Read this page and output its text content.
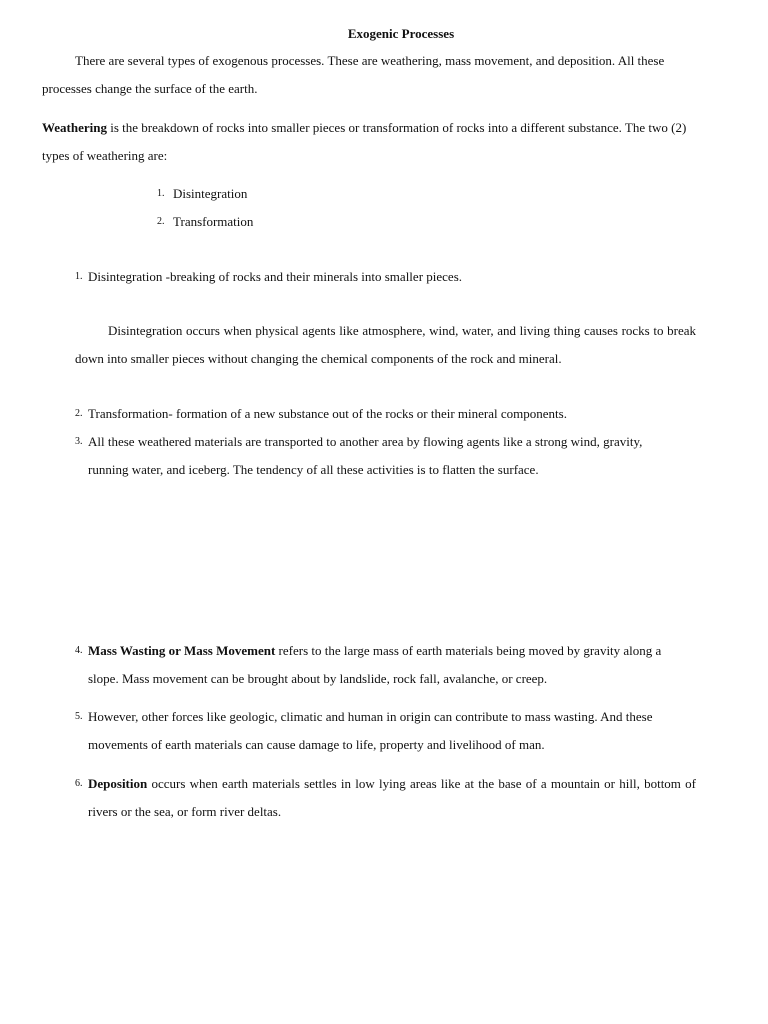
Exogenic Processes

There are several types of exogenous processes. These are weathering, mass movement, and deposition. All these processes change the surface of the earth.

Weathering is the breakdown of rocks into smaller pieces or transformation of rocks into a different substance. The two (2) types of weathering are:

1. Disintegration
2. Transformation
1. Disintegration -breaking of rocks and their minerals into smaller pieces.

Disintegration occurs when physical agents like atmosphere, wind, water, and living thing causes rocks to break down into smaller pieces without changing the chemical components of the rock and mineral.

2. Transformation- formation of a new substance out of the rocks or their mineral components.
3. All these weathered materials are transported to another area by flowing agents like a strong wind, gravity, running water, and iceberg. The tendency of all these activities is to flatten the surface.

4. Mass Wasting or Mass Movement refers to the large mass of earth materials being moved by gravity along a slope. Mass movement can be brought about by landslide, rock fall, avalanche, or creep.

5. However, other forces like geologic, climatic and human in origin can contribute to mass wasting. And these movements of earth materials can cause damage to life, property and livelihood of man.

6. Deposition occurs when earth materials settles in low lying areas like at the base of a mountain or hill, bottom of rivers or the sea, or form river deltas.
